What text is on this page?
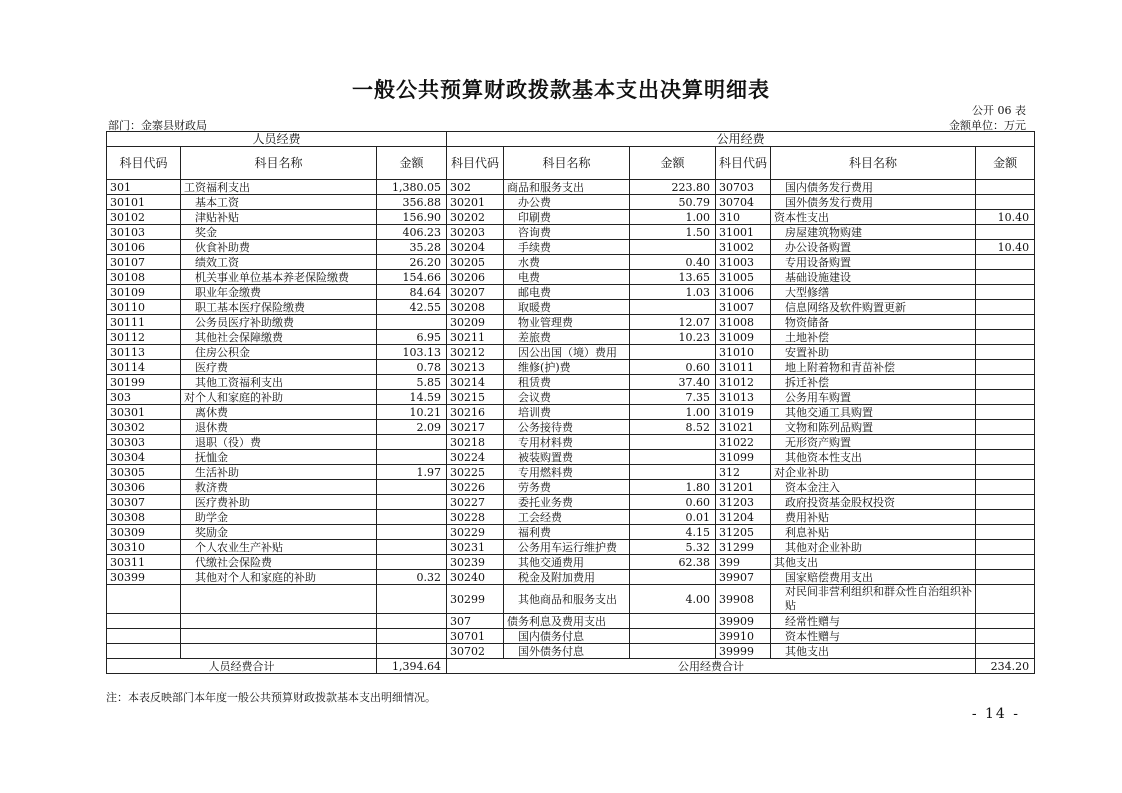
一般公共预算财政拨款基本支出决算明细表
公开 06 表
部门：金寨县财政局	金额单位：万元
人员经费			公用经费					
科目代码	科目名称	金额	科目代码	科目名称	金额	科目代码	科目名称	金额
301	工资福利支出	1,380.05	302	商品和服务支出	223.80	30703	国内债务发行费用	
30101	基本工资	356.88	30201	办公费	50.79	30704	国外债务发行费用	
30102	津贴补贴	156.90	30202	印刷费	1.00	310	资本性支出	10.40
30103	奖金	406.23	30203	咨询费	1.50	31001	房屋建筑物购建	
30106	伙食补助费	35.28	30204	手续费		31002	办公设备购置	10.40
30107	绩效工资	26.20	30205	水费	0.40	31003	专用设备购置	
30108	机关事业单位基本养老保险缴费	154.66	30206	电费	13.65	31005	基础设施建设	
30109	职业年金缴费	84.64	30207	邮电费	1.03	31006	大型修缮	
30110	职工基本医疗保险缴费	42.55	30208	取暖费		31007	信息网络及软件购置更新	
30111	公务员医疗补助缴费		30209	物业管理费	12.07	31008	物资储备	
30112	其他社会保障缴费	6.95	30211	差旅费	10.23	31009	土地补偿	
30113	住房公积金	103.13	30212	因公出国（境）费用		31010	安置补助	
30114	医疗费	0.78	30213	维修(护)费	0.60	31011	地上附着物和青苗补偿	
30199	其他工资福利支出	5.85	30214	租赁费	37.40	31012	拆迁补偿	
303	对个人和家庭的补助	14.59	30215	会议费	7.35	31013	公务用车购置	
30301	离休费	10.21	30216	培训费	1.00	31019	其他交通工具购置	
30302	退休费	2.09	30217	公务接待费	8.52	31021	文物和陈列品购置	
30303	退职（役）费		30218	专用材料费		31022	无形资产购置	
30304	抚恤金		30224	被装购置费		31099	其他资本性支出	
30305	生活补助	1.97	30225	专用燃料费		312	对企业补助	
30306	救济费		30226	劳务费	1.80	31201	资本金注入	
30307	医疗费补助		30227	委托业务费	0.60	31203	政府投资基金股权投资	
30308	助学金		30228	工会经费	0.01	31204	费用补贴	
30309	奖励金		30229	福利费	4.15	31205	利息补贴	
30310	个人农业生产补贴		30231	公务用车运行维护费	5.32	31299	其他对企业补助	
30311	代缴社会保险费		30239	其他交通费用	62.38	399	其他支出	
30399	其他对个人和家庭的补助	0.32	30240	税金及附加费用		39907	国家赔偿费用支出	
			30299	其他商品和服务支出	4.00	39908	对民间非营利组织和群众性自治组织补贴	
			307	债务利息及费用支出		39909	经常性赠与	
			30701	国内债务付息		39910	资本性赠与	
			30702	国外债务付息		39999	其他支出	
人员经费合计		1,394.64	公用经费合计					234.20
注：本表反映部门本年度一般公共预算财政拨款基本支出明细情况。
- 14 -
